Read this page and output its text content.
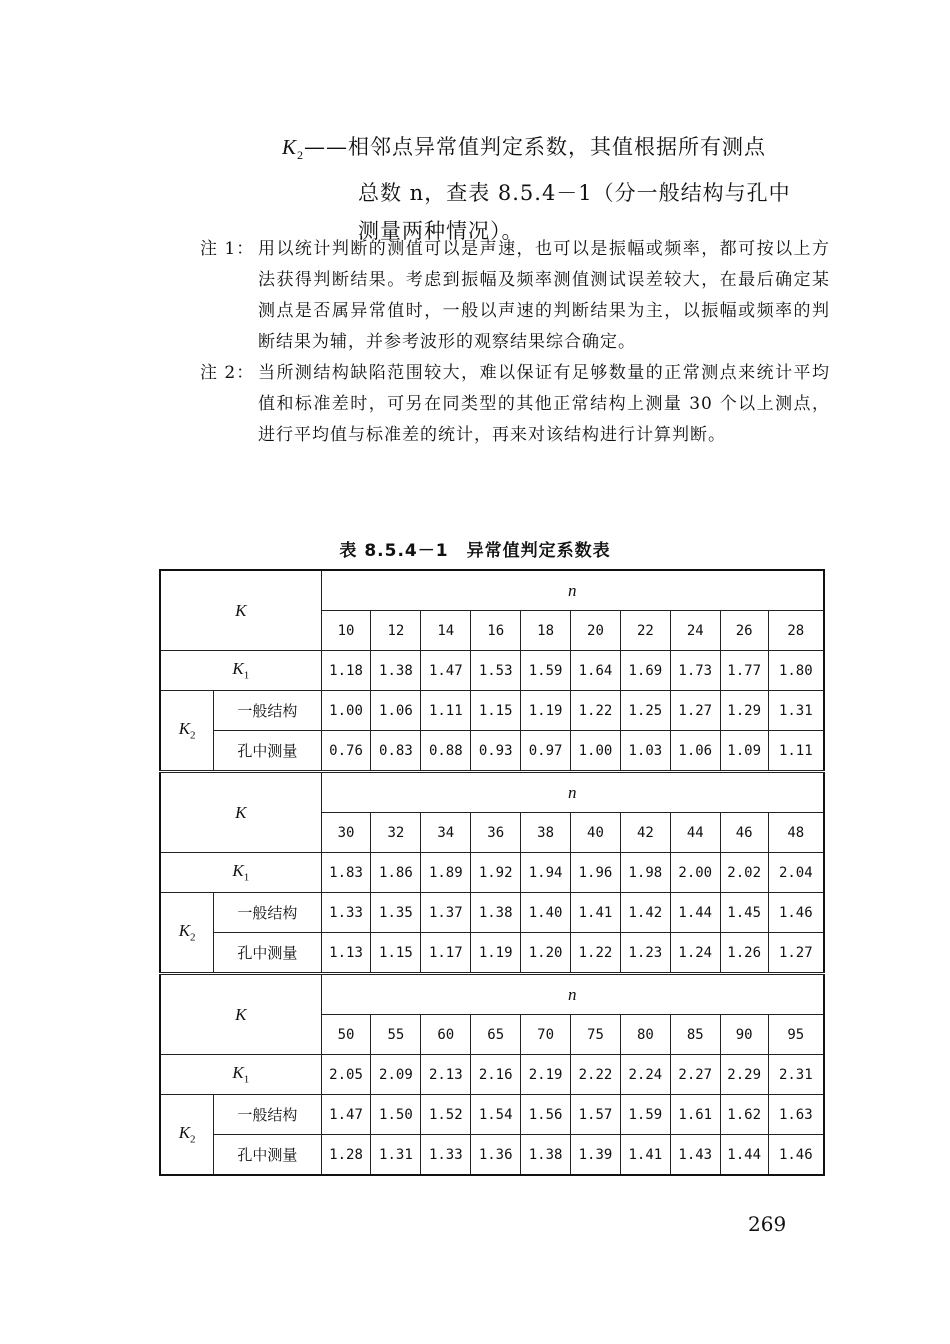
$K_2——$相邻点异常值判定系数，其值根据所有测点
总数 n，查表 8.5.4－1（分一般结构与孔中
测量两种情况）。
注 1： 用以统计判断的测值可以是声速，也可以是振幅或频率，都可按以上方法获得判断结果。考虑到振幅及频率测值测试误差较大，在最后确定某测点是否属异常值时，一般以声速的判断结果为主，以振幅或频率的判断结果为辅，并参考波形的观察结果综合确定。
注 2： 当所测结构缺陷范围较大，难以保证有足够数量的正常测点来统计平均值和标准差时，可另在同类型的其他正常结构上测量 30 个以上测点，进行平均值与标准差的统计，再来对该结构进行计算判断。
表 8.5.4－1　异常值判定系数表
K		n									
		10	12	14	16	18	20	22	24	26	28
$K_1$		1.18	1.38	1.47	1.53	1.59	1.64	1.69	1.73	1.77	1.80
$K_2$	一般结构	1.00	1.06	1.11	1.15	1.19	1.22	1.25	1.27	1.29	1.31
	孔中测量	0.76	0.83	0.88	0.93	0.97	1.00	1.03	1.06	1.09	1.11
K		n									
		30	32	34	36	38	40	42	44	46	48
$K_1$		1.83	1.86	1.89	1.92	1.94	1.96	1.98	2.00	2.02	2.04
$K_2$	一般结构	1.33	1.35	1.37	1.38	1.40	1.41	1.42	1.44	1.45	1.46
	孔中测量	1.13	1.15	1.17	1.19	1.20	1.22	1.23	1.24	1.26	1.27
K		n									
		50	55	60	65	70	75	80	85	90	95
$K_1$		2.05	2.09	2.13	2.16	2.19	2.22	2.24	2.27	2.29	2.31
$K_2$	一般结构	1.47	1.50	1.52	1.54	1.56	1.57	1.59	1.61	1.62	1.63
	孔中测量	1.28	1.31	1.33	1.36	1.38	1.39	1.41	1.43	1.44	1.46
269
